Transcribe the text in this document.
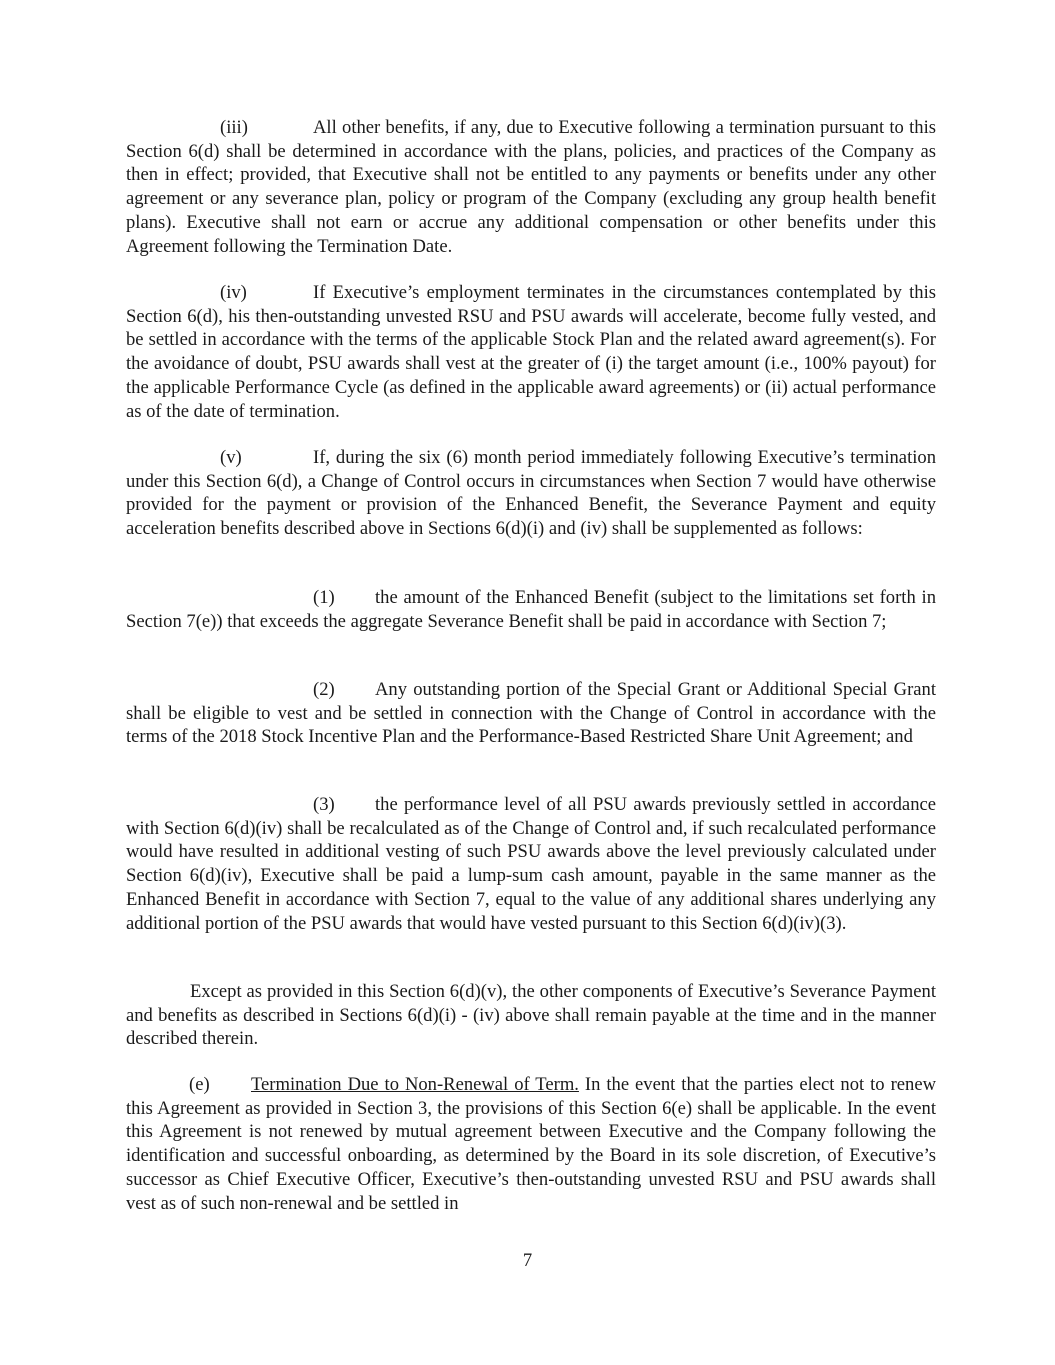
(iii)	All other benefits, if any, due to Executive following a termination pursuant to this Section 6(d) shall be determined in accordance with the plans, policies, and practices of the Company as then in effect; provided, that Executive shall not be entitled to any payments or benefits under any other agreement or any severance plan, policy or program of the Company (excluding any group health benefit plans). Executive shall not earn or accrue any additional compensation or other benefits under this Agreement following the Termination Date.

(iv)	If Executive’s employment terminates in the circumstances contemplated by this Section 6(d), his then-outstanding unvested RSU and PSU awards will accelerate, become fully vested, and be settled in accordance with the terms of the applicable Stock Plan and the related award agreement(s). For the avoidance of doubt, PSU awards shall vest at the greater of (i) the target amount (i.e., 100% payout) for the applicable Performance Cycle (as defined in the applicable award agreements) or (ii) actual performance as of the date of termination.

(v)	If, during the six (6) month period immediately following Executive’s termination under this Section 6(d), a Change of Control occurs in circumstances when Section 7 would have otherwise provided for the payment or provision of the Enhanced Benefit, the Severance Payment and equity acceleration benefits described above in Sections 6(d)(i) and (iv) shall be supplemented as follows:

(1) the amount of the Enhanced Benefit (subject to the limitations set forth in Section 7(e)) that exceeds the aggregate Severance Benefit shall be paid in accordance with Section 7;

(2) Any outstanding portion of the Special Grant or Additional Special Grant shall be eligible to vest and be settled in connection with the Change of Control in accordance with the terms of the 2018 Stock Incentive Plan and the Performance-Based Restricted Share Unit Agreement; and

(3) the performance level of all PSU awards previously settled in accordance with Section 6(d)(iv) shall be recalculated as of the Change of Control and, if such recalculated performance would have resulted in additional vesting of such PSU awards above the level previously calculated under Section 6(d)(iv), Executive shall be paid a lump-sum cash amount, payable in the same manner as the Enhanced Benefit in accordance with Section 7, equal to the value of any additional shares underlying any additional portion of the PSU awards that would have vested pursuant to this Section 6(d)(iv)(3).

Except as provided in this Section 6(d)(v), the other components of Executive’s Severance Payment and benefits as described in Sections 6(d)(i) - (iv) above shall remain payable at the time and in the manner described therein.

(e) Termination Due to Non-Renewal of Term. In the event that the parties elect not to renew this Agreement as provided in Section 3, the provisions of this Section 6(e) shall be applicable. In the event this Agreement is not renewed by mutual agreement between Executive and the Company following the identification and successful onboarding, as determined by the Board in its sole discretion, of Executive’s successor as Chief Executive Officer, Executive’s then-outstanding unvested RSU and PSU awards shall vest as of such non-renewal and be settled in

7
